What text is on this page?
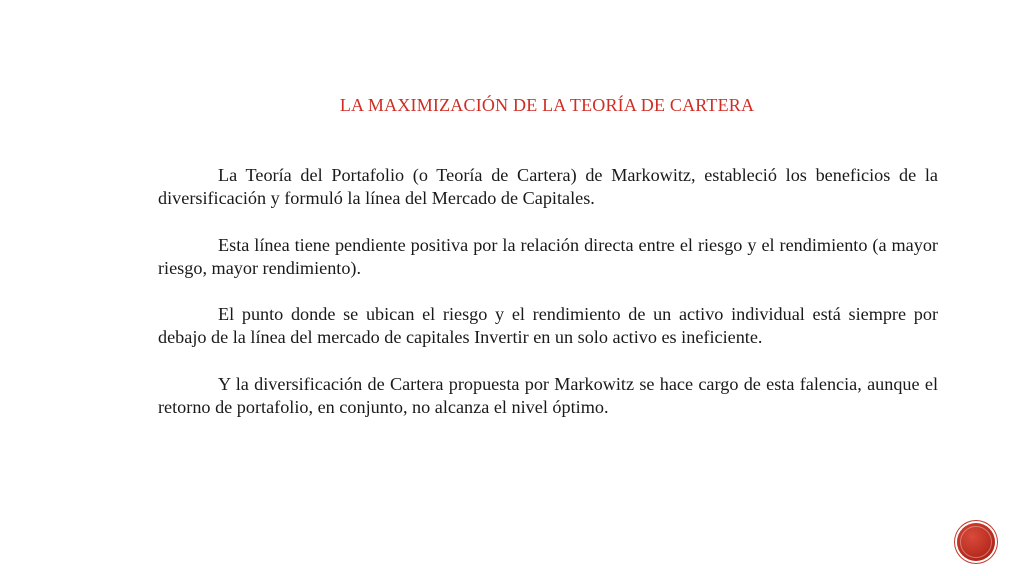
LA MAXIMIZACIÓN DE LA TEORÍA DE CARTERA

La Teoría del Portafolio (o Teoría de Cartera) de Markowitz, estableció los beneficios de la diversificación y formuló la línea del Mercado de Capitales.

Esta línea tiene pendiente positiva por la relación directa entre el riesgo y el rendimiento (a mayor riesgo, mayor rendimiento).

El punto donde se ubican el riesgo y el rendimiento de un activo individual está siempre por debajo de la línea del mercado de capitales Invertir en un solo activo es ineficiente.

Y la diversificación de Cartera propuesta por Markowitz se hace cargo de esta falencia, aunque el retorno de portafolio, en conjunto, no alcanza el nivel óptimo.
